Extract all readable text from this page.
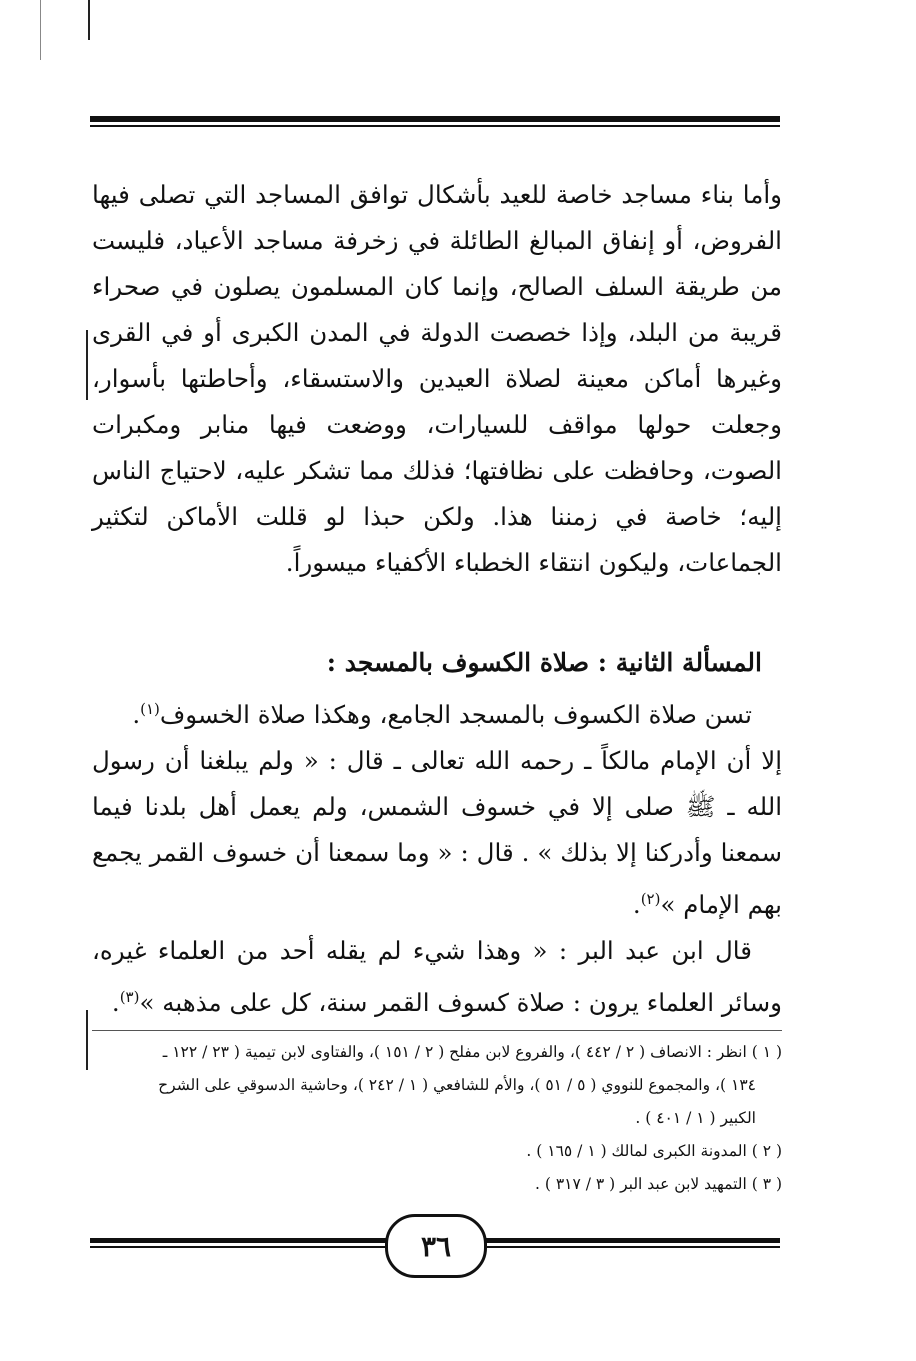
وأما بناء مساجد خاصة للعيد بأشكال توافق المساجد التي تصلى فيها الفروض، أو إنفاق المبالغ الطائلة في زخرفة مساجد الأعياد، فليست من طريقة السلف الصالح، وإنما كان المسلمون يصلون في صحراء قريبة من البلد، وإذا خصصت الدولة في المدن الكبرى أو في القرى وغيرها أماكن معينة لصلاة العيدين والاستسقاء، وأحاطتها بأسوار، وجعلت حولها مواقف للسيارات، ووضعت فيها منابر ومكبرات الصوت، وحافظت على نظافتها؛ فذلك مما تشكر عليه، لاحتياج الناس إليه؛ خاصة في زمننا هذا. ولكن حبذا لو قللت الأماكن لتكثير الجماعات، وليكون انتقاء الخطباء الأكفياء ميسوراً.

المسألة الثانية : صلاة الكسوف بالمسجد :

تسن صلاة الكسوف بالمسجد الجامع، وهكذا صلاة الخسوف$^{(١)}$.

إلا أن الإمام مالكاً ـ رحمه الله تعالى ـ قال : « ولم يبلغنا أن رسول الله ـ ﷺ صلى إلا في خسوف الشمس، ولم يعمل أهل بلدنا فيما سمعنا وأدركنا إلا بذلك » . قال : « وما سمعنا أن خسوف القمر يجمع بهم الإمام »$^{(٢)}$.

قال ابن عبد البر : « وهذا شيء لم يقله أحد من العلماء غيره، وسائر العلماء يرون : صلاة كسوف القمر سنة، كل على مذهبه »$^{(٣)}$.

( ١ ) انظر : الانصاف ( ٢ / ٤٤٢ )، والفروع لابن مفلح ( ٢ / ١٥١ )، والفتاوى لابن تيمية ( ٢٣ / ١٢٢ ـ

١٣٤ )، والمجموع للنووي ( ٥ / ٥١ )، والأم للشافعي ( ١ / ٢٤٢ )، وحاشية الدسوقي على الشرح

الكبير ( ١ / ٤٠١ ) .

( ٢ ) المدونة الكبرى لمالك ( ١ / ١٦٥ ) .

( ٣ ) التمهيد لابن عبد البر ( ٣ / ٣١٧ ) .

٣٦
